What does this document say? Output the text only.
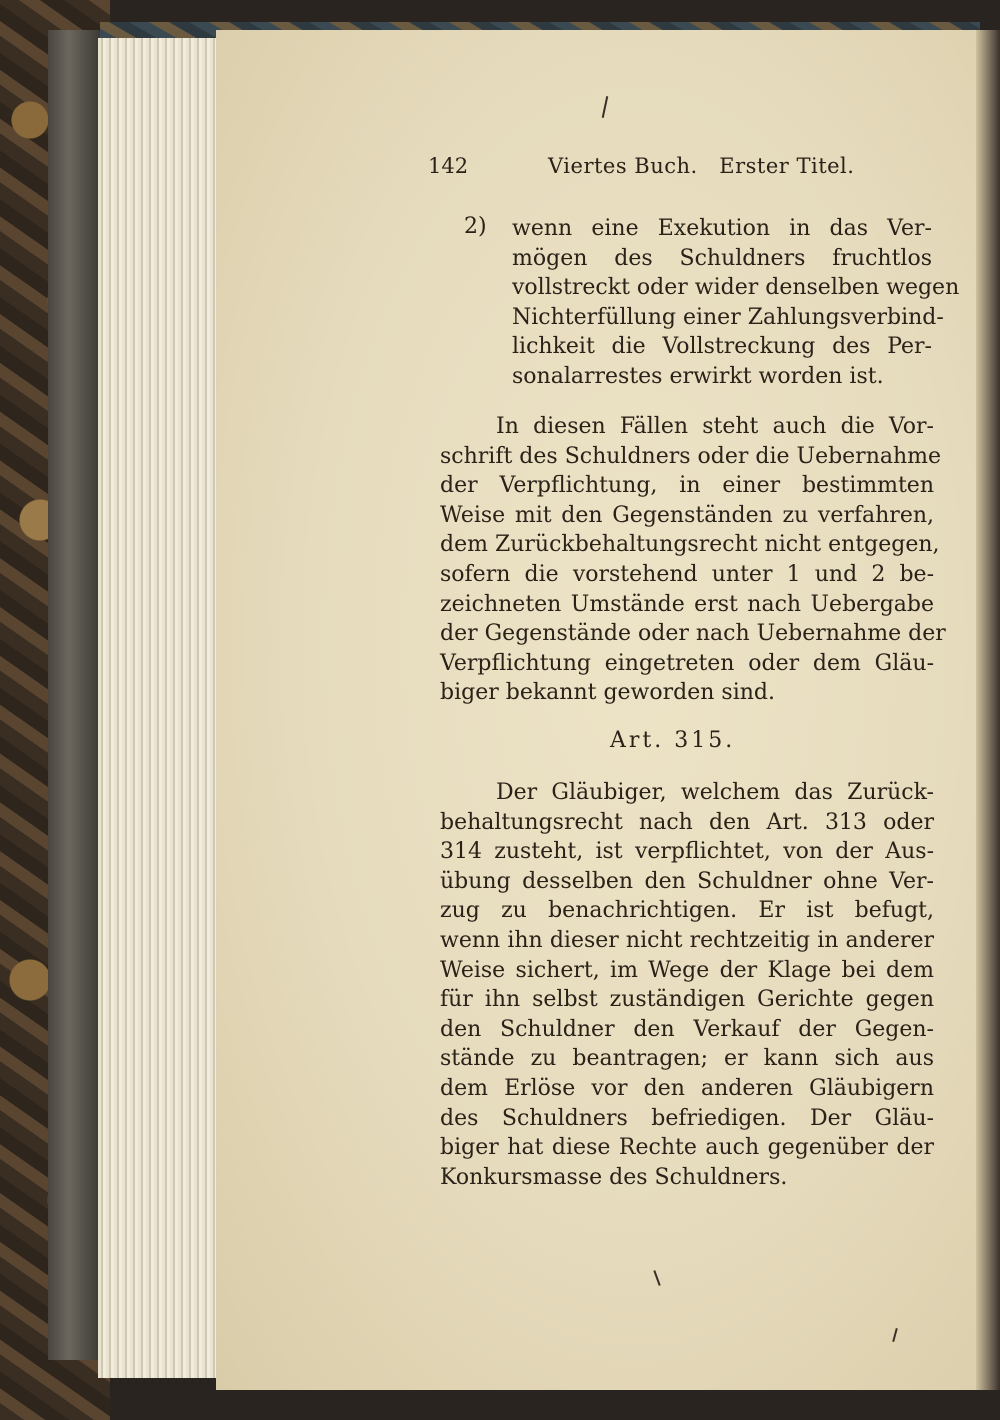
142	Viertes Buch.   Erster Titel.
2) wenn eine Exekution in das Ver-
mögen des Schuldners fruchtlos
vollstreckt oder wider denselben wegen
Nichterfüllung einer Zahlungsverbind-
lichkeit die Vollstreckung des Per-
sonalarrestes erwirkt worden ist.
In diesen Fällen steht auch die Vor-
schrift des Schuldners oder die Uebernahme
der Verpflichtung, in einer bestimmten
Weise mit den Gegenständen zu verfahren,
dem Zurückbehaltungsrecht nicht entgegen,
sofern die vorstehend unter 1 und 2 be-
zeichneten Umstände erst nach Uebergabe
der Gegenstände oder nach Uebernahme der
Verpflichtung eingetreten oder dem Gläu-
biger bekannt geworden sind.
Art. 315.
Der Gläubiger, welchem das Zurück-
behaltungsrecht nach den Art. 313 oder
314 zusteht, ist verpflichtet, von der Aus-
übung desselben den Schuldner ohne Ver-
zug zu benachrichtigen. Er ist befugt,
wenn ihn dieser nicht rechtzeitig in anderer
Weise sichert, im Wege der Klage bei dem
für ihn selbst zuständigen Gerichte gegen
den Schuldner den Verkauf der Gegen-
stände zu beantragen; er kann sich aus
dem Erlöse vor den anderen Gläubigern
des Schuldners befriedigen. Der Gläu-
biger hat diese Rechte auch gegenüber der
Konkursmasse des Schuldners.
